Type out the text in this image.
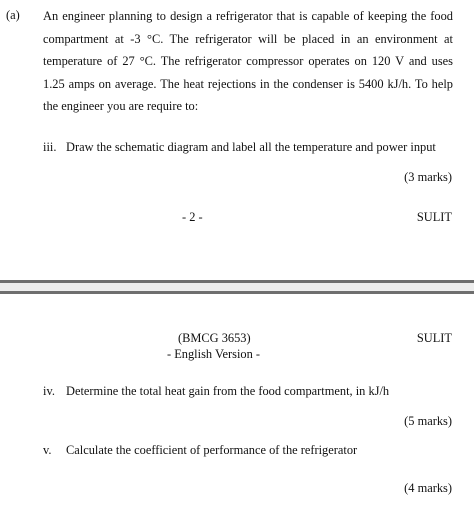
(a) An engineer planning to design a refrigerator that is capable of keeping the food
compartment at -3 °C. The refrigerator will be placed in an environment at
temperature of 27 °C. The refrigerator compressor operates on 120 V and uses
1.25 amps on average. The heat rejections in the condenser is 5400 kJ/h. To help
the engineer you are require to:
iii. Draw the schematic diagram and label all the temperature and power input
(3 marks)
- 2 -	SULIT
(BMCG 3653)
- English Version -
SULIT
iv. Determine the total heat gain from the food compartment, in kJ/h
(5 marks)
v. Calculate the coefficient of performance of the refrigerator
(4 marks)
